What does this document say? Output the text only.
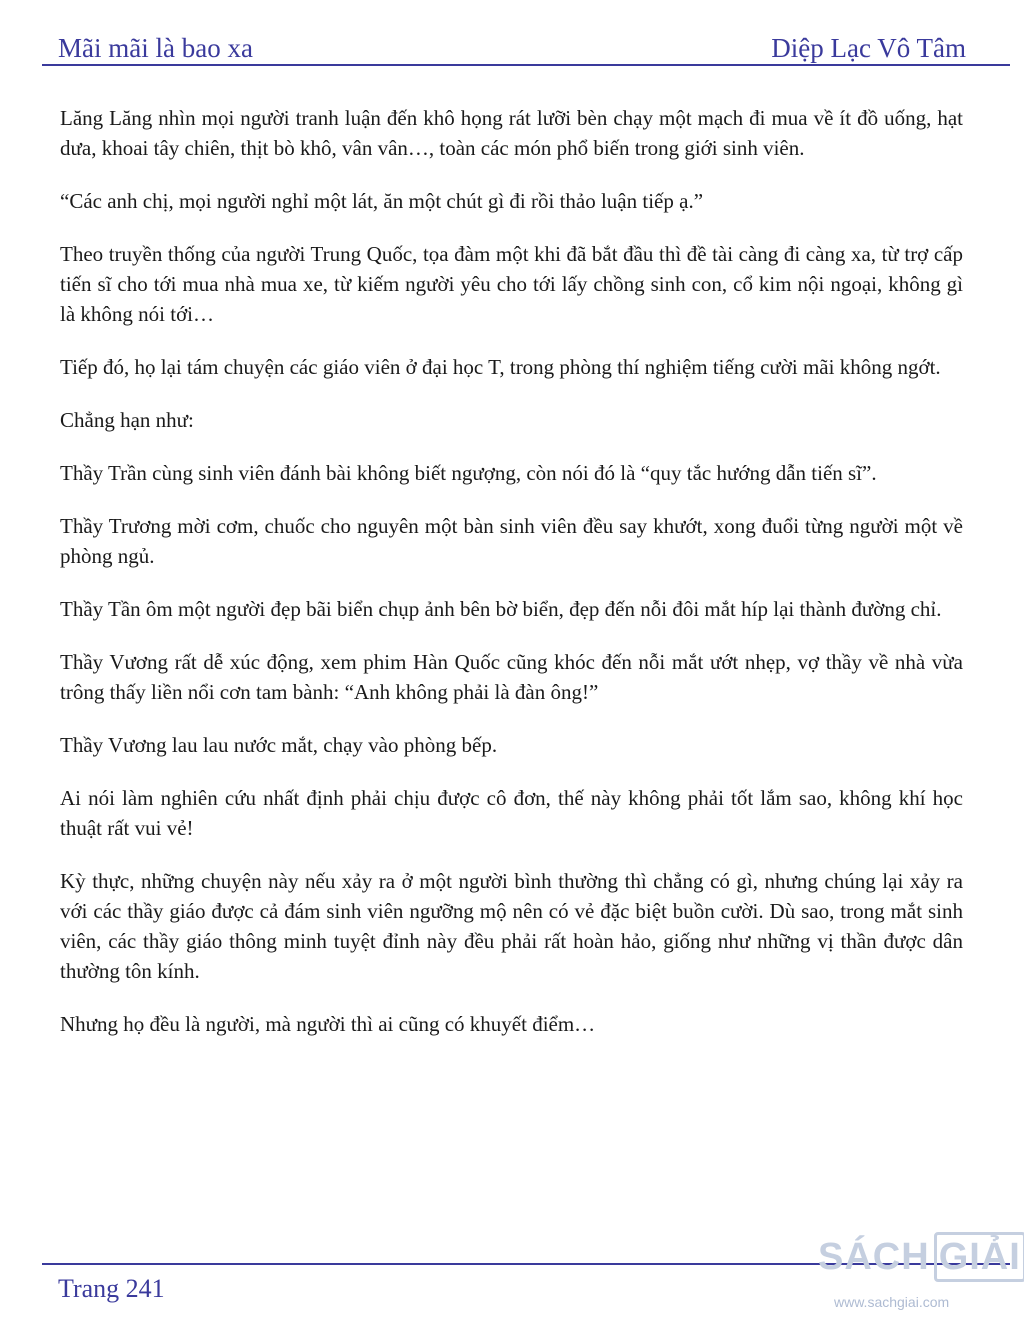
Mãi mãi là bao xa	Diệp Lạc Vô Tâm

Lăng Lăng nhìn mọi người tranh luận đến khô họng rát lưỡi bèn chạy một mạch đi mua về ít đồ uống, hạt dưa, khoai tây chiên, thịt bò khô, vân vân…, toàn các món phổ biến trong giới sinh viên.

“Các anh chị, mọi người nghỉ một lát, ăn một chút gì đi rồi thảo luận tiếp ạ.”

Theo truyền thống của người Trung Quốc, tọa đàm một khi đã bắt đầu thì đề tài càng đi càng xa, từ trợ cấp tiến sĩ cho tới mua nhà mua xe, từ kiếm người yêu cho tới lấy chồng sinh con, cổ kim nội ngoại, không gì là không nói tới…

Tiếp đó, họ lại tám chuyện các giáo viên ở đại học T, trong phòng thí nghiệm tiếng cười mãi không ngớt.

Chẳng hạn như:

Thầy Trần cùng sinh viên đánh bài không biết ngượng, còn nói đó là “quy tắc hướng dẫn tiến sĩ”.

Thầy Trương mời cơm, chuốc cho nguyên một bàn sinh viên đều say khướt, xong đuổi từng người một về phòng ngủ.

Thầy Tần ôm một người đẹp bãi biển chụp ảnh bên bờ biển, đẹp đến nỗi đôi mắt híp lại thành đường chỉ.

Thầy Vương rất dễ xúc động, xem phim Hàn Quốc cũng khóc đến nỗi mắt ướt nhẹp, vợ thầy về nhà vừa trông thấy liền nổi cơn tam bành: “Anh không phải là đàn ông!”

Thầy Vương lau lau nước mắt, chạy vào phòng bếp.

Ai nói làm nghiên cứu nhất định phải chịu được cô đơn, thế này không phải tốt lắm sao, không khí học thuật rất vui vẻ!

Kỳ thực, những chuyện này nếu xảy ra ở một người bình thường thì chẳng có gì, nhưng chúng lại xảy ra với các thầy giáo được cả đám sinh viên ngưỡng mộ nên có vẻ đặc biệt buồn cười. Dù sao, trong mắt sinh viên, các thầy giáo thông minh tuyệt đỉnh này đều phải rất hoàn hảo, giống như những vị thần được dân thường tôn kính.

Nhưng họ đều là người, mà người thì ai cũng có khuyết điểm…

Trang 241
SÁCH GIẢI
www.sachgiai.com
